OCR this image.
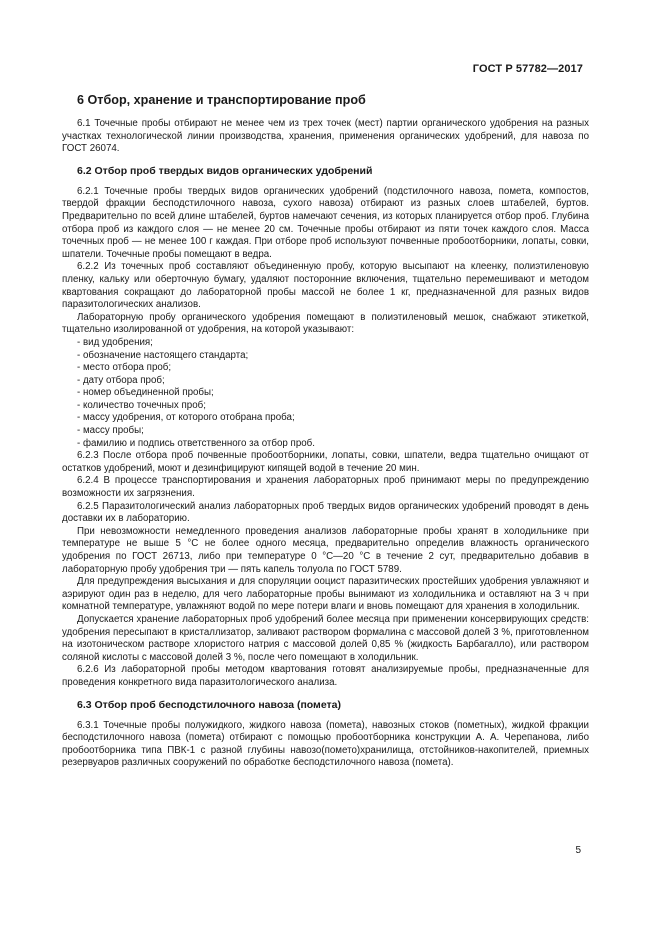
ГОСТ Р 57782—2017
6 Отбор, хранение и транспортирование проб

6.1 Точечные пробы отбирают не менее чем из трех точек (мест) партии органического удобрения на разных участках технологической линии производства, хранения, применения органических удобрений, для навоза по ГОСТ 26074.

6.2 Отбор проб твердых видов органических удобрений

6.2.1 Точечные пробы твердых видов органических удобрений (подстилочного навоза, помета, компостов, твердой фракции бесподстилочного навоза, сухого навоза) отбирают из разных слоев штабелей, буртов. Предварительно по всей длине штабелей, буртов намечают сечения, из которых планируется отбор проб. Глубина отбора проб из каждого слоя — не менее 20 см. Точечные пробы отбирают из пяти точек каждого слоя. Масса точечных проб — не менее 100 г каждая. При отборе проб используют почвенные пробоотборники, лопаты, совки, шпатели. Точечные пробы помещают в ведра.

6.2.2 Из точечных проб составляют объединенную пробу, которую высыпают на клеенку, полиэтиленовую пленку, кальку или оберточную бумагу, удаляют посторонние включения, тщательно перемешивают и методом квартования сокращают до лабораторной пробы массой не более 1 кг, предназначенной для разных видов паразитологических анализов.

Лабораторную пробу органического удобрения помещают в полиэтиленовый мешок, снабжают этикеткой, тщательно изолированной от удобрения, на которой указывают:

- вид удобрения;
- обозначение настоящего стандарта;
- место отбора проб;
- дату отбора проб;
- номер объединенной пробы;
- количество точечных проб;
- массу удобрения, от которого отобрана проба;
- массу пробы;
- фамилию и подпись ответственного за отбор проб.

6.2.3 После отбора проб почвенные пробоотборники, лопаты, совки, шпатели, ведра тщательно очищают от остатков удобрений, моют и дезинфицируют кипящей водой в течение 20 мин.

6.2.4 В процессе транспортирования и хранения лабораторных проб принимают меры по предупреждению возможности их загрязнения.

6.2.5 Паразитологический анализ лабораторных проб твердых видов органических удобрений проводят в день доставки их в лабораторию.

При невозможности немедленного проведения анализов лабораторные пробы хранят в холодильнике при температуре не выше 5 °С не более одного месяца, предварительно определив влажность органического удобрения по ГОСТ 26713, либо при температуре 0 °С—20 °С в течение 2 сут, предварительно добавив в лабораторную пробу удобрения три — пять капель толуола по ГОСТ 5789.

Для предупреждения высыхания и для споруляции ооцист паразитических простейших удобрения увлажняют и аэрируют один раз в неделю, для чего лабораторные пробы вынимают из холодильника и оставляют на 3 ч при комнатной температуре, увлажняют водой по мере потери влаги и вновь помещают для хранения в холодильник.

Допускается хранение лабораторных проб удобрений более месяца при применении консервирующих средств: удобрения пересыпают в кристаллизатор, заливают раствором формалина с массовой долей 3 %, приготовленном на изотоническом растворе хлористого натрия с массовой долей 0,85 % (жидкость Барбагалло), или раствором соляной кислоты с массовой долей 3 %, после чего помещают в холодильник.

6.2.6 Из лабораторной пробы методом квартования готовят анализируемые пробы, предназначенные для проведения конкретного вида паразитологического анализа.

6.3 Отбор проб бесподстилочного навоза (помета)

6.3.1 Точечные пробы полужидкого, жидкого навоза (помета), навозных стоков (пометных), жидкой фракции бесподстилочного навоза (помета) отбирают с помощью пробоотборника конструкции А. А. Черепанова, либо пробоотборника типа ПВК-1 с разной глубины навозо(помето)хранилища, отстойников-накопителей, приемных резервуаров различных сооружений по обработке бесподстилочного навоза (помета).

5
